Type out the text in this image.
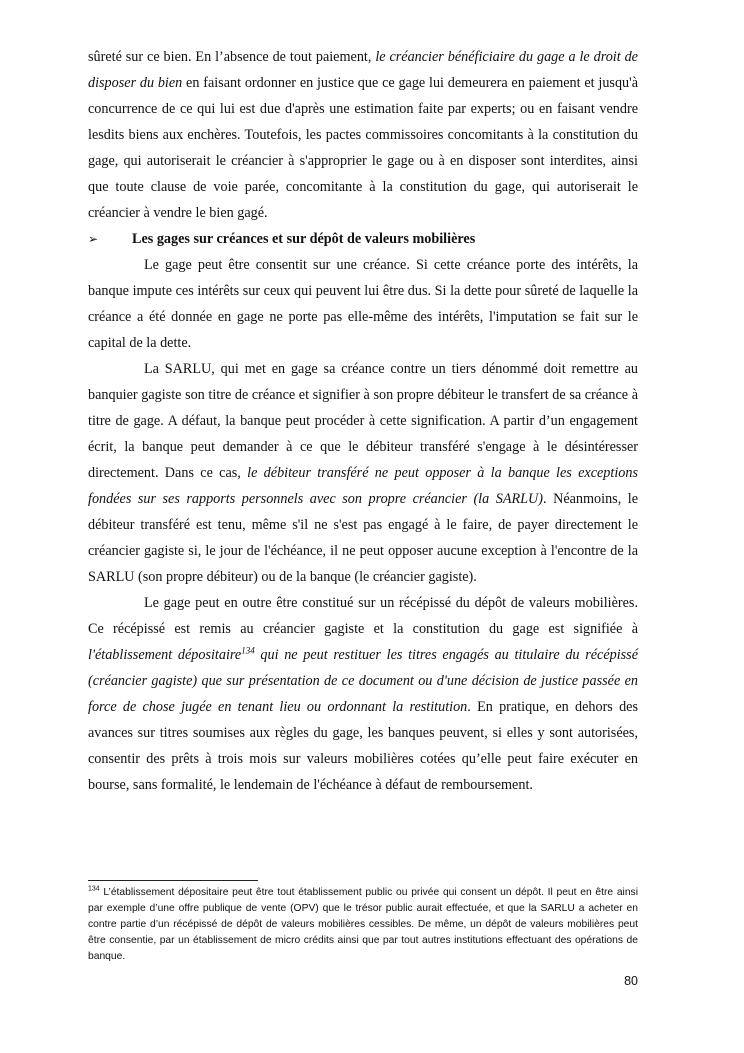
sûreté sur ce bien. En l’absence de tout paiement, le créancier bénéficiaire du gage a le droit de disposer du bien en faisant ordonner en justice que ce gage lui demeurera en paiement et jusqu'à concurrence de ce qui lui est due d'après une estimation faite par experts; ou en faisant vendre lesdits biens aux enchères. Toutefois, les pactes commissoires concomitants à la constitution du gage, qui autoriserait le créancier à s'approprier le gage ou à en disposer sont interdites, ainsi que toute clause de voie parée, concomitante à la constitution du gage, qui autoriserait le créancier à vendre le bien gagé.

➢	Les gages sur créances et sur dépôt de valeurs mobilières

Le gage peut être consentit sur une créance. Si cette créance porte des intérêts, la banque impute ces intérêts sur ceux qui peuvent lui être dus. Si la dette pour sûreté de laquelle la créance a été donnée en gage ne porte pas elle-même des intérêts, l'imputation se fait sur le capital de la dette.

La SARLU, qui met en gage sa créance contre un tiers dénommé doit remettre au banquier gagiste son titre de créance et signifier à son propre débiteur le transfert de sa créance à titre de gage. A défaut, la banque peut procéder à cette signification. A partir d’un engagement écrit, la banque peut demander à ce que le débiteur transféré s'engage à le désintéresser directement. Dans ce cas, le débiteur transféré ne peut opposer à la banque les exceptions fondées sur ses rapports personnels avec son propre créancier (la SARLU). Néanmoins, le débiteur transféré est tenu, même s'il ne s'est pas engagé à le faire, de payer directement le créancier gagiste si, le jour de l'échéance, il ne peut opposer aucune exception à l'encontre de la SARLU (son propre débiteur) ou de la banque (le créancier gagiste).

Le gage peut en outre être constitué sur un récépissé du dépôt de valeurs mobilières. Ce récépissé est remis au créancier gagiste et la constitution du gage est signifiée à l'établissement dépositaire$^{134}$ qui ne peut restituer les titres engagés au titulaire du récépissé (créancier gagiste) que sur présentation de ce document ou d'une décision de justice passée en force de chose jugée en tenant lieu ou ordonnant la restitution. En pratique, en dehors des avances sur titres soumises aux règles du gage, les banques peuvent, si elles y sont autorisées, consentir des prêts à trois mois sur valeurs mobilières cotées qu’elle peut faire exécuter en bourse, sans formalité, le lendemain de l'échéance à défaut de remboursement.

$^{134}$ L’établissement dépositaire peut être tout établissement public ou privée qui consent un dépôt. Il peut en être ainsi par exemple d’une offre publique de vente (OPV) que le trésor public aurait effectuée, et que la SARLU a acheter en contre partie d’un récépissé de dépôt de valeurs mobilières cessibles. De même, un dépôt de valeurs mobilières peut être consentie, par un établissement de micro crédits ainsi que par tout autres institutions effectuant des opérations de banque.
80
